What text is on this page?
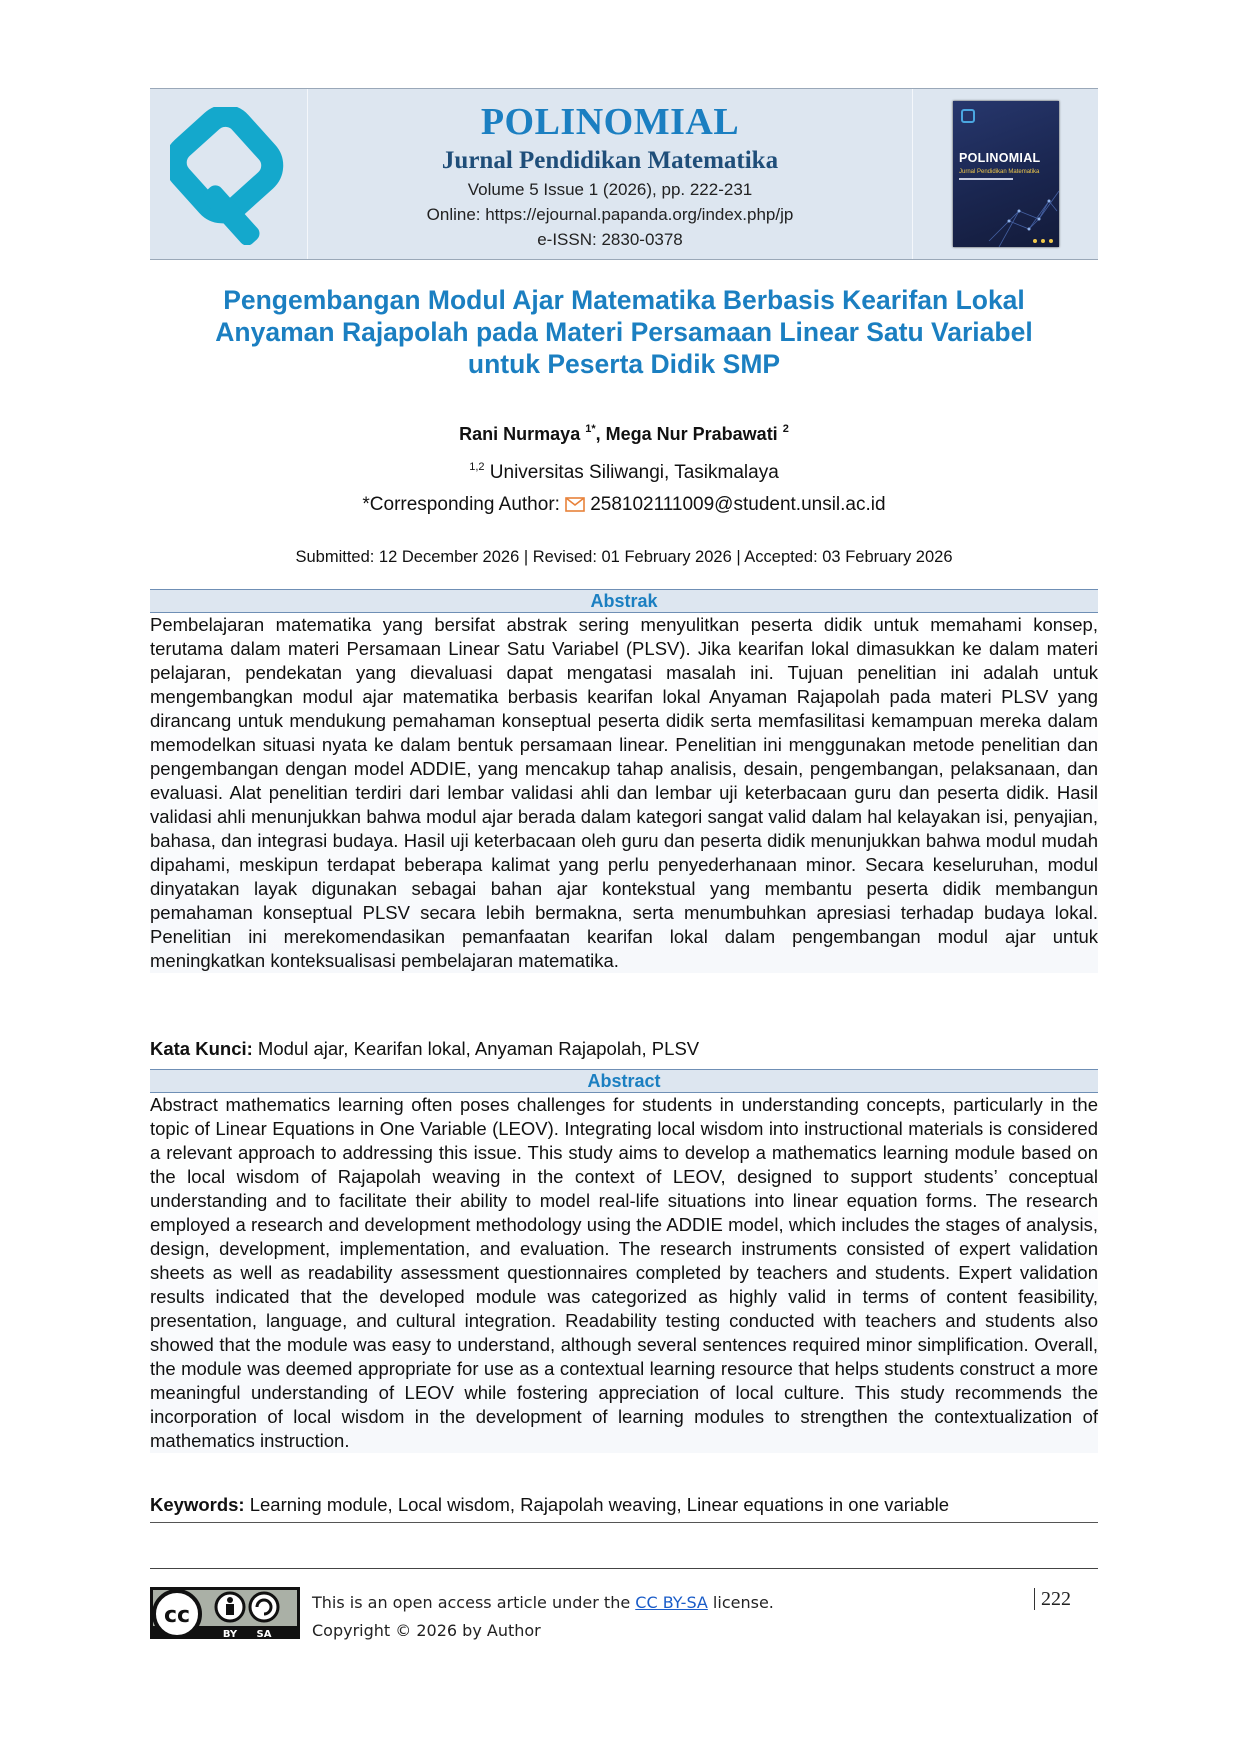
POLINOMIAL
Jurnal Pendidikan Matematika
Volume 5 Issue 1 (2026), pp. 222-231
Online: https://ejournal.papanda.org/index.php/jp
e-ISSN: 2830-0378
POLINOMIAL
Jurnal Pendidikan Matematika
Pengembangan Modul Ajar Matematika Berbasis Kearifan Lokal
Anyaman Rajapolah pada Materi Persamaan Linear Satu Variabel
untuk Peserta Didik SMP
Rani Nurmaya $^{1*}$, Mega Nur Prabawati $^2$
$^{1,2}$ Universitas Siliwangi, Tasikmalaya
*Corresponding Author: 258102111009@student.unsil.ac.id
Submitted: 12 December 2026 | Revised: 01 February 2026 | Accepted: 03 February 2026
Abstrak
Pembelajaran matematika yang bersifat abstrak sering menyulitkan peserta didik untuk memahami konsep, terutama dalam materi Persamaan Linear Satu Variabel (PLSV). Jika kearifan lokal dimasukkan ke dalam materi pelajaran, pendekatan yang dievaluasi dapat mengatasi masalah ini. Tujuan penelitian ini adalah untuk mengembangkan modul ajar matematika berbasis kearifan lokal Anyaman Rajapolah pada materi PLSV yang dirancang untuk mendukung pemahaman konseptual peserta didik serta memfasilitasi kemampuan mereka dalam memodelkan situasi nyata ke dalam bentuk persamaan linear. Penelitian ini menggunakan metode penelitian dan pengembangan dengan model ADDIE, yang mencakup tahap analisis, desain, pengembangan, pelaksanaan, dan evaluasi. Alat penelitian terdiri dari lembar validasi ahli dan lembar uji keterbacaan guru dan peserta didik. Hasil validasi ahli menunjukkan bahwa modul ajar berada dalam kategori sangat valid dalam hal kelayakan isi, penyajian, bahasa, dan integrasi budaya. Hasil uji keterbacaan oleh guru dan peserta didik menunjukkan bahwa modul mudah dipahami, meskipun terdapat beberapa kalimat yang perlu penyederhanaan minor. Secara keseluruhan, modul dinyatakan layak digunakan sebagai bahan ajar kontekstual yang membantu peserta didik membangun pemahaman konseptual PLSV secara lebih bermakna, serta menumbuhkan apresiasi terhadap budaya lokal. Penelitian ini merekomendasikan pemanfaatan kearifan lokal dalam pengembangan modul ajar untuk meningkatkan konteksualisasi pembelajaran matematika.
Kata Kunci: Modul ajar, Kearifan lokal, Anyaman Rajapolah, PLSV
Abstract
Abstract mathematics learning often poses challenges for students in understanding concepts, particularly in the topic of Linear Equations in One Variable (LEOV). Integrating local wisdom into instructional materials is considered a relevant approach to addressing this issue. This study aims to develop a mathematics learning module based on the local wisdom of Rajapolah weaving in the context of LEOV, designed to support students’ conceptual understanding and to facilitate their ability to model real-life situations into linear equation forms. The research employed a research and development methodology using the ADDIE model, which includes the stages of analysis, design, development, implementation, and evaluation. The research instruments consisted of expert validation sheets as well as readability assessment questionnaires completed by teachers and students. Expert validation results indicated that the developed module was categorized as highly valid in terms of content feasibility, presentation, language, and cultural integration. Readability testing conducted with teachers and students also showed that the module was easy to understand, although several sentences required minor simplification. Overall, the module was deemed appropriate for use as a contextual learning resource that helps students construct a more meaningful understanding of LEOV while fostering appreciation of local culture. This study recommends the incorporation of local wisdom in the development of learning modules to strengthen the contextualization of mathematics instruction.
Keywords: Learning module, Local wisdom, Rajapolah weaving, Linear equations in one variable
cc
BY SA
This is an open access article under the CC BY-SA license.
Copyright © 2026 by Author
222
